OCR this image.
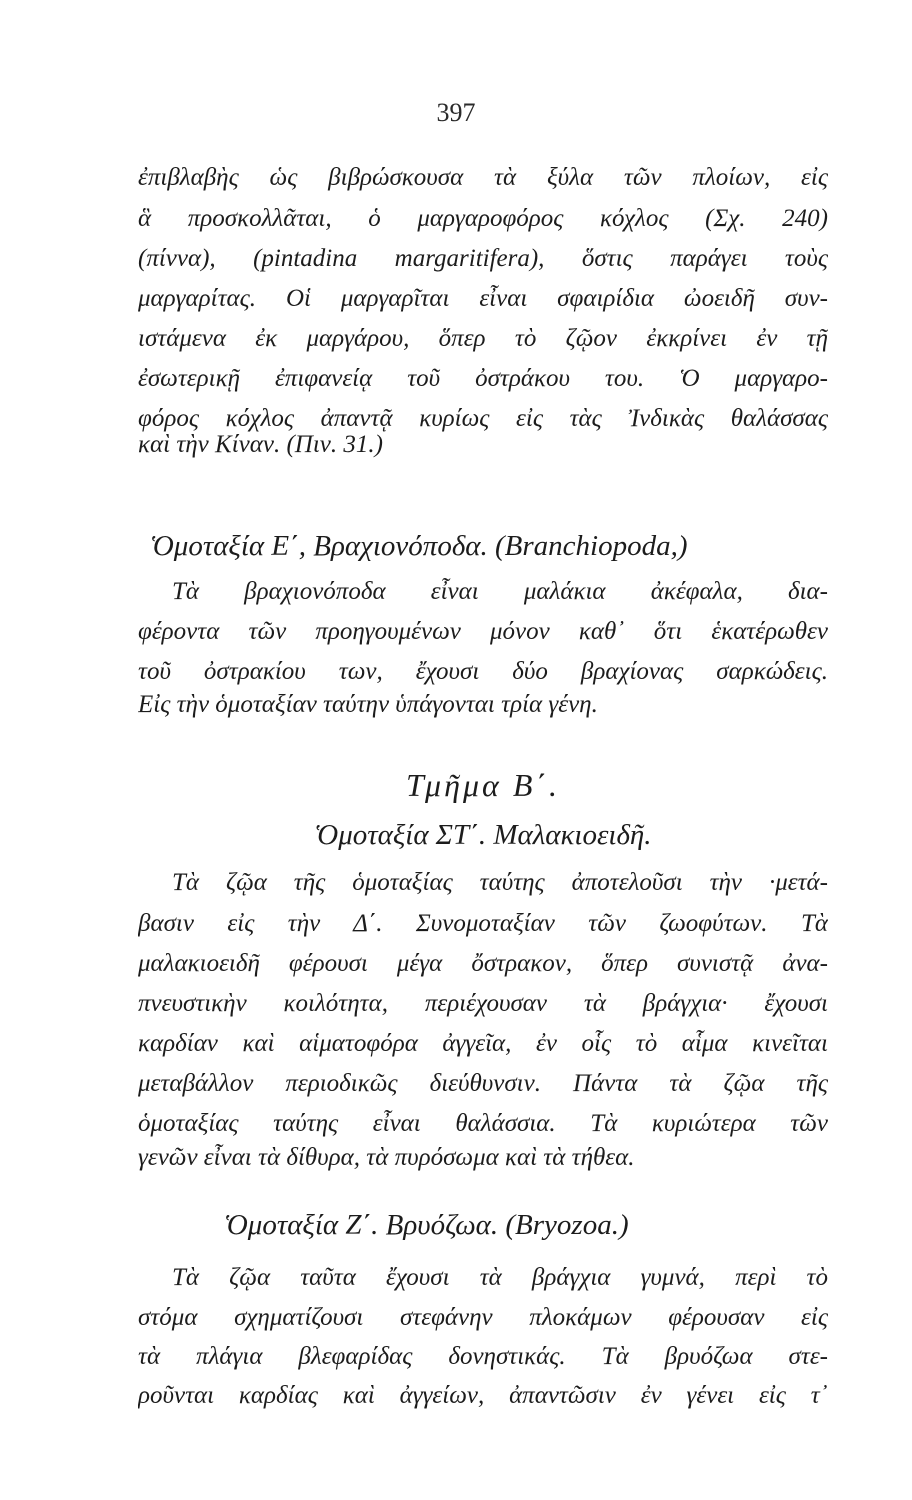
397
ἐπιβλαβὴς ὡς βιβρώσκουσα τὰ ξύλα τῶν πλοίων, εἰς
ἃ προσκολλᾶται, ὁ μαργαροφόρος κόχλος (Σχ. 240)
(πίννα), (pintadina margaritifera), ὅστις παράγει τοὺς
μαργαρίτας. Οἱ μαργαρῖται εἶναι σφαιρίδια ὠοειδῆ συν-
ιστάμενα ἐκ μαργάρου, ὅπερ τὸ ζῷον ἐκκρίνει ἐν τῇ
ἐσωτερικῇ ἐπιφανείᾳ τοῦ ὀστράκου του. Ὁ μαργαρο-
φόρος κόχλος ἀπαντᾷ κυρίως εἰς τὰς Ἰνδικὰς θαλάσσας
καὶ τὴν Κίναν. (Πιν. 31.)
Ὁμοταξία Ε΄, Βραχιονόποδα. (Branchiopoda,)
Τὰ βραχιονόποδα εἶναι μαλάκια ἀκέφαλα, δια-
φέροντα τῶν προηγουμένων μόνον καθ᾿ ὅτι ἑκατέρωθεν
τοῦ ὀστρακίου των, ἔχουσι δύο βραχίονας σαρκώδεις.
Εἰς τὴν ὁμοταξίαν ταύτην ὑπάγονται τρία γένη.
Τμῆμα Β΄.
Ὁμοταξία ΣΤ΄. Μαλακιοειδῆ.
Τὰ ζῷα τῆς ὁμοταξίας ταύτης ἀποτελοῦσι τὴν ·μετά-
βασιν εἰς τὴν Δ΄. Συνομοταξίαν τῶν ζωοφύτων. Τὰ
μαλακιοειδῆ φέρουσι μέγα ὄστρακον, ὅπερ συνιστᾷ ἀνα-
πνευστικὴν κοιλότητα, περιέχουσαν τὰ βράγχια· ἔχουσι
καρδίαν καὶ αἱματοφόρα ἀγγεῖα, ἐν οἷς τὸ αἷμα κινεῖται
μεταβάλλον περιοδικῶς διεύθυνσιν. Πάντα τὰ ζῷα τῆς
ὁμοταξίας ταύτης εἶναι θαλάσσια. Τὰ κυριώτερα τῶν
γενῶν εἶναι τὰ δίθυρα, τὰ πυρόσωμα καὶ τὰ τήθεα.
Ὁμοταξία Ζ΄. Βρυόζωα. (Bryozoa.)
Τὰ ζῷα ταῦτα ἔχουσι τὰ βράγχια γυμνά, περὶ τὸ
στόμα σχηματίζουσι στεφάνην πλοκάμων φέρουσαν εἰς
τὰ πλάγια βλεφαρίδας δονηστικάς. Τὰ βρυόζωα στε-
ροῦνται καρδίας καὶ ἀγγείων, ἀπαντῶσιν ἐν γένει εἰς τ᾿
